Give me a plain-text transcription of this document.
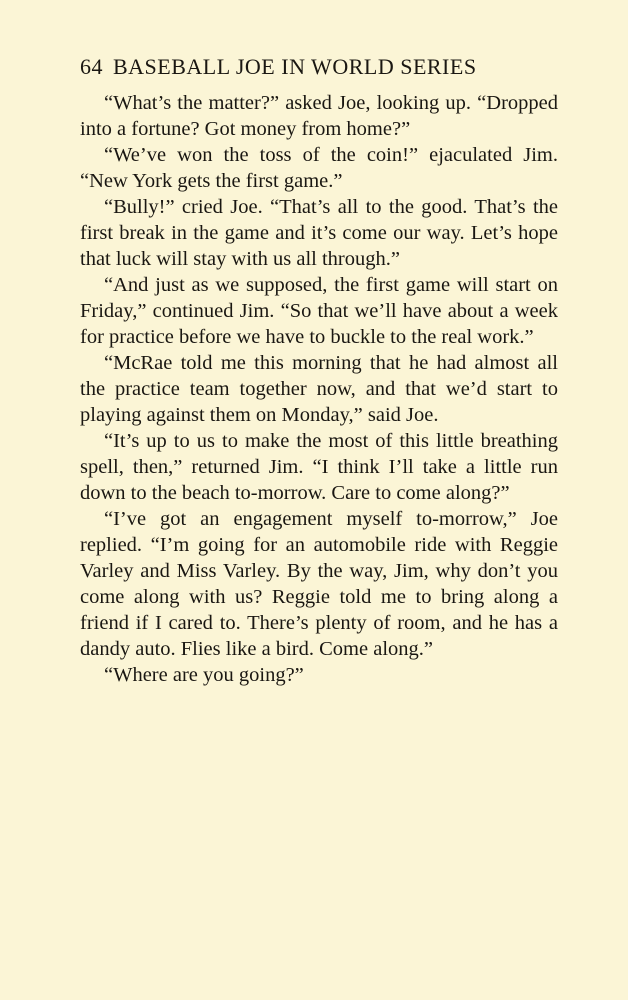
64 BASEBALL JOE IN WORLD SERIES

“What’s the matter?” asked Joe, looking up. “Dropped into a fortune? Got money from home?”

“We’ve won the toss of the coin!” ejaculated Jim. “New York gets the first game.”

“Bully!” cried Joe. “That’s all to the good. That’s the first break in the game and it’s come our way. Let’s hope that luck will stay with us all through.”

“And just as we supposed, the first game will start on Friday,” continued Jim. “So that we’ll have about a week for practice before we have to buckle to the real work.”

“McRae told me this morning that he had almost all the practice team together now, and that we’d start to playing against them on Monday,” said Joe.

“It’s up to us to make the most of this little breathing spell, then,” returned Jim. “I think I’ll take a little run down to the beach to-morrow. Care to come along?”

“I’ve got an engagement myself to-morrow,” Joe replied. “I’m going for an automobile ride with Reggie Varley and Miss Varley. By the way, Jim, why don’t you come along with us? Reggie told me to bring along a friend if I cared to. There’s plenty of room, and he has a dandy auto. Flies like a bird. Come along.”

“Where are you going?”
